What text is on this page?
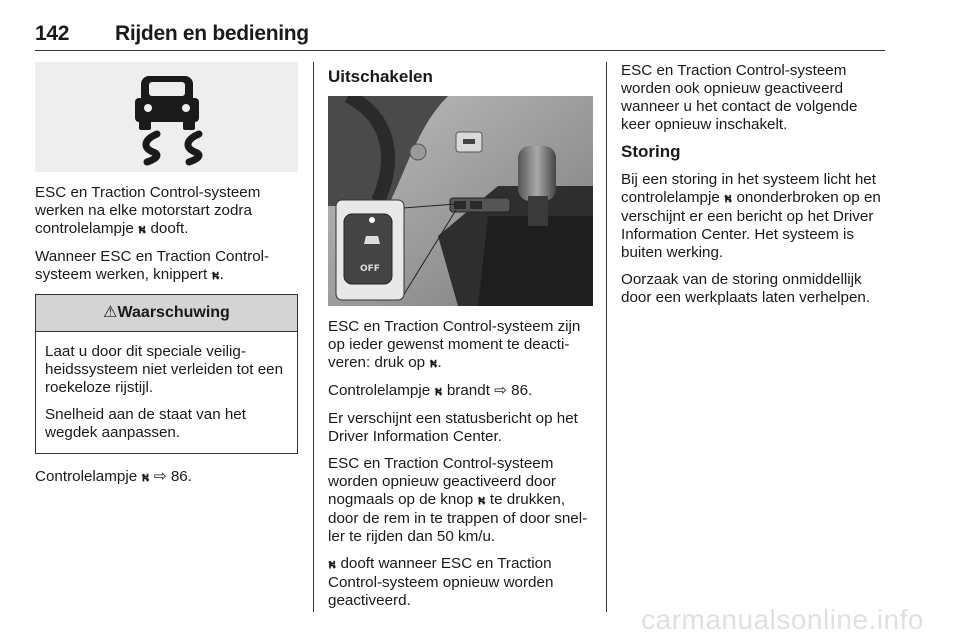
142 Rijden en bediening

ESC en Traction Control-systeem werken na elke motorstart zodra controlelampje ⛕ dooft.

Wanneer ESC en Traction Control-systeem werken, knippert ⛕.

⚠Waarschuwing

Laat u door dit speciale veilig-heidssysteem niet verleiden tot een roekeloze rijstijl.

Snelheid aan de staat van het wegdek aanpassen.

Controlelampje ⛕ ⇨ 86.

Uitschakelen
OFF

ESC en Traction Control-systeem zijn op ieder gewenst moment te deacti-veren: druk op ⛕.

Controlelampje ⛕ brandt ⇨ 86.

Er verschijnt een statusbericht op het Driver Information Center.

ESC en Traction Control-systeem worden opnieuw geactiveerd door nogmaals op de knop ⛕ te drukken, door de rem in te trappen of door snel-ler te rijden dan 50 km/u.

⛕ dooft wanneer ESC en Traction Control-systeem opnieuw worden geactiveerd.

ESC en Traction Control-systeem worden ook opnieuw geactiveerd wanneer u het contact de volgende keer opnieuw inschakelt.

Storing

Bij een storing in het systeem licht het controlelampje ⛕ ononderbroken op en verschijnt er een bericht op het Driver Information Center. Het systeem is buiten werking.

Oorzaak van de storing onmiddellijk door een werkplaats laten verhelpen.

carmanualsonline.info
